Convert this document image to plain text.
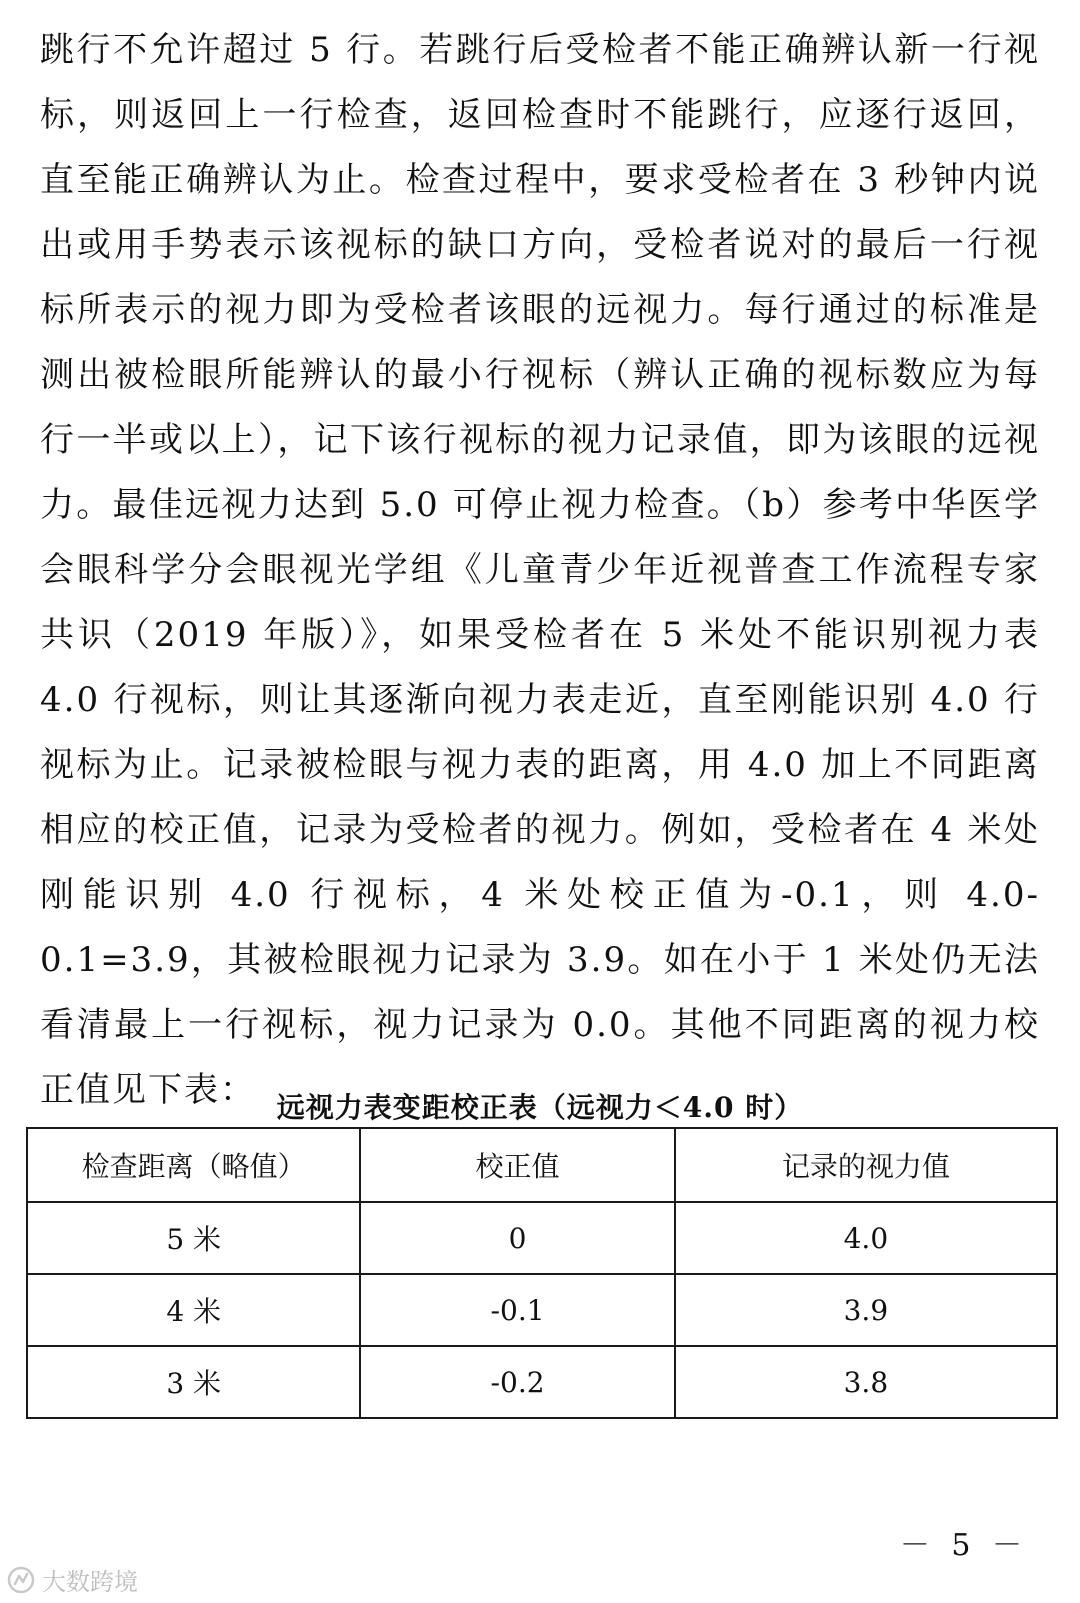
跳行不允许超过 5 行。若跳行后受检者不能正确辨认新一行视标，则返回上一行检查，返回检查时不能跳行，应逐行返回，直至能正确辨认为止。检查过程中，要求受检者在 3 秒钟内说出或用手势表示该视标的缺口方向，受检者说对的最后一行视标所表示的视力即为受检者该眼的远视力。每行通过的标准是测出被检眼所能辨认的最小行视标（辨认正确的视标数应为每行一半或以上），记下该行视标的视力记录值，即为该眼的远视力。最佳远视力达到 5.0 可停止视力检查。（b）参考中华医学会眼科学分会眼视光学组《儿童青少年近视普查工作流程专家共识（2019 年版）》，如果受检者在 5 米处不能识别视力表 4.0 行视标，则让其逐渐向视力表走近，直至刚能识别 4.0 行视标为止。记录被检眼与视力表的距离，用 4.0 加上不同距离相应的校正值，记录为受检者的视力。例如，受检者在 4 米处刚能识别 4.0 行视标，4 米处校正值为-0.1，则 4.0-0.1=3.9，其被检眼视力记录为 3.9。如在小于 1 米处仍无法看清最上一行视标，视力记录为 0.0。其他不同距离的视力校正值见下表： 远视力表变距校正表（远视力＜4.0 时）

检查距离（略值）	校正值	记录的视力值
5 米	0	4.0
4 米	-0.1	3.9
3 米	-0.2	3.8
－ 5 －
大数跨境
